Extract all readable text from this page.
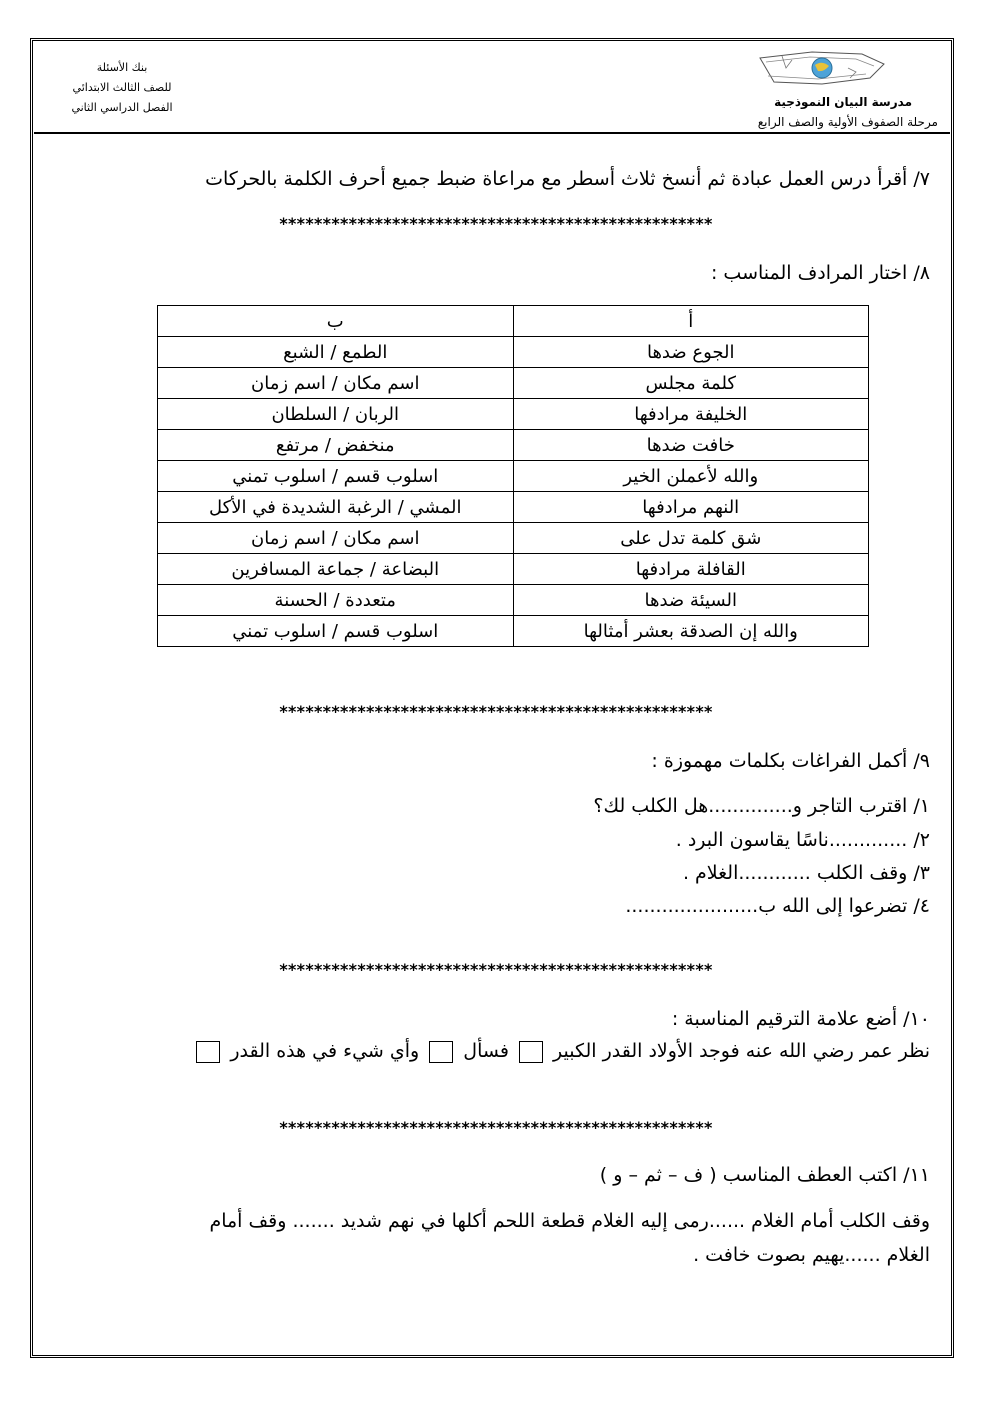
بنك الأسئلة
للصف الثالث الابتدائي
الفصل الدراسي الثاني	مدرسة البيان النموذجية
مرحلة الصفوف الأولية والصف الرابع
٧/ أقرأ درس العمل عبادة ثم أنسخ ثلاث أسطر مع مراعاة ضبط جميع أحرف الكلمة بالحركات
**************************************************
٨/ اختار المرادف المناسب :
أ	ب
الجوع ضدها	الطمع / الشبع
كلمة مجلس	اسم مكان / اسم زمان
الخليفة مرادفها	الربان / السلطان
خافت ضدها	منخفض / مرتفع
والله لأعملن الخير	اسلوب قسم / اسلوب تمني
النهم مرادفها	المشي / الرغبة الشديدة في الأكل
شق كلمة تدل على	اسم مكان / اسم زمان
القافلة مرادفها	البضاعة / جماعة المسافرين
السيئة ضدها	متعددة / الحسنة
والله إن الصدقة بعشر أمثالها	اسلوب قسم / اسلوب تمني
**************************************************
٩/ أكمل الفراغات بكلمات مهموزة :
١/ اقترب التاجر و..............هل الكلب لك؟
٢/ .............ناسًا يقاسون البرد .
٣/ وقف الكلب ............الغلام .
٤/ تضرعوا إلى الله ب......................
**************************************************
١٠/ أضع علامة الترقيم المناسبة :
نظر عمر رضي الله عنه فوجد الأولاد القدر الكبير  فسأل  وأي شيء في هذه القدر
**************************************************
١١/ اكتب العطف المناسب ( ف – ثم – و )
وقف الكلب أمام الغلام ......رمى إليه الغلام قطعة اللحم أكلها في نهم شديد ....... وقف أمام
الغلام ......يهيم بصوت خافت .
